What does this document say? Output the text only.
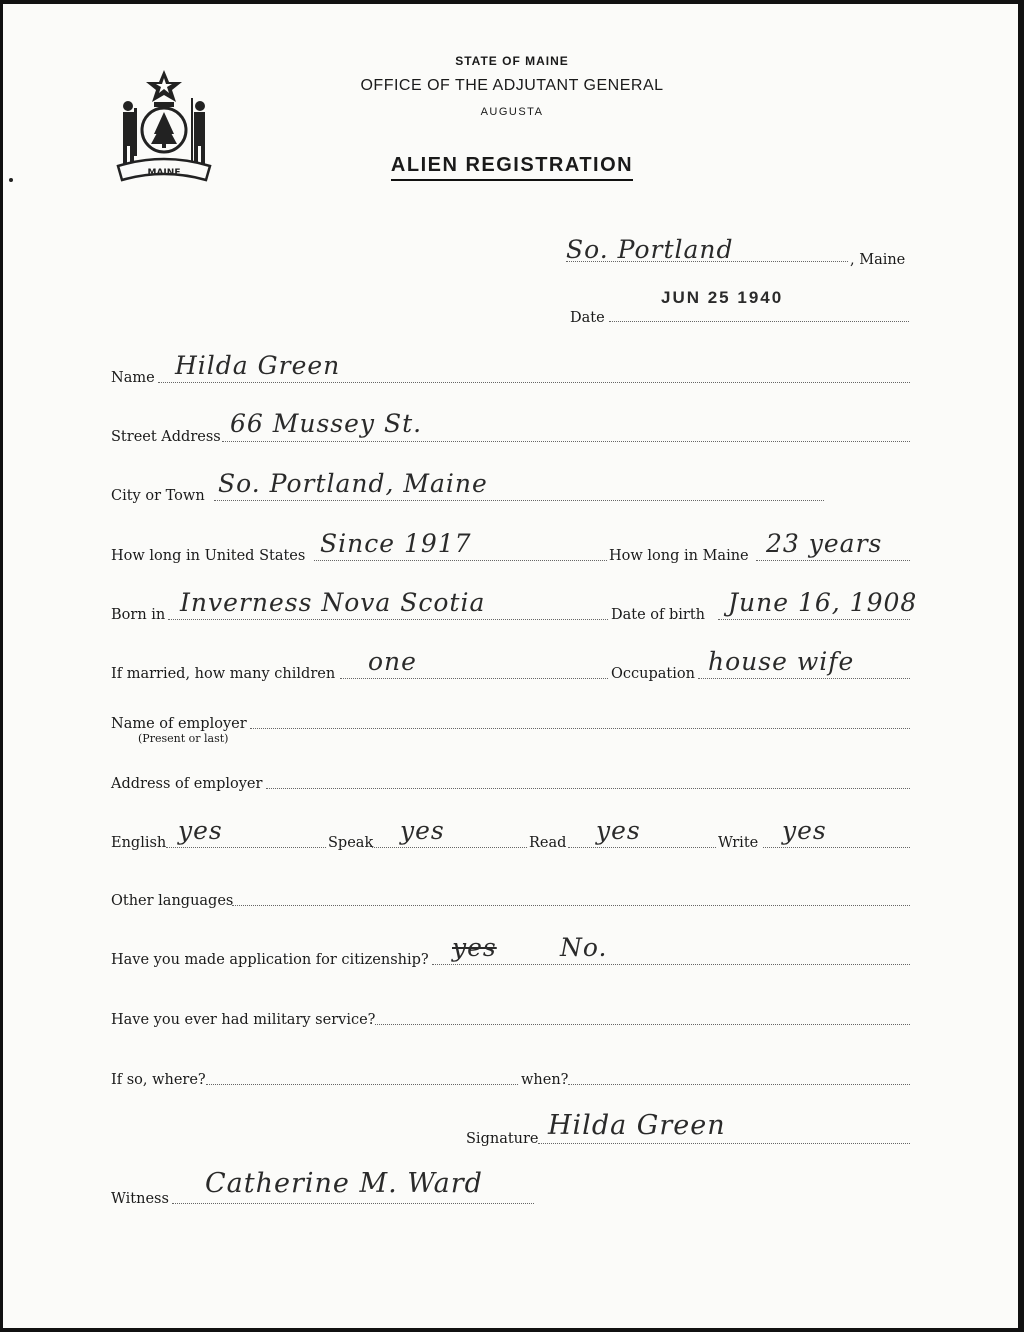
MAINE
STATE OF MAINE
OFFICE OF THE ADJUTANT GENERAL
AUGUSTA
ALIEN REGISTRATION
So. Portland	, Maine
Date
JUN 25 1940
Name Hilda Green
Street Address 66 Mussey St.
City or Town So. Portland, Maine
How long in United States Since 1917	How long in Maine 23 years
Born in Inverness Nova Scotia	Date of birth June 16, 1908
If married, how many children one	Occupation house wife
Name of employer
(Present or last)
Address of employer
English yes	Speak yes	Read yes	Write yes
Other languages
Have you made application for citizenship? yes	No.
Have you ever had military service?
If so, where?	when?
Signature Hilda Green
Witness Catherine M. Ward
